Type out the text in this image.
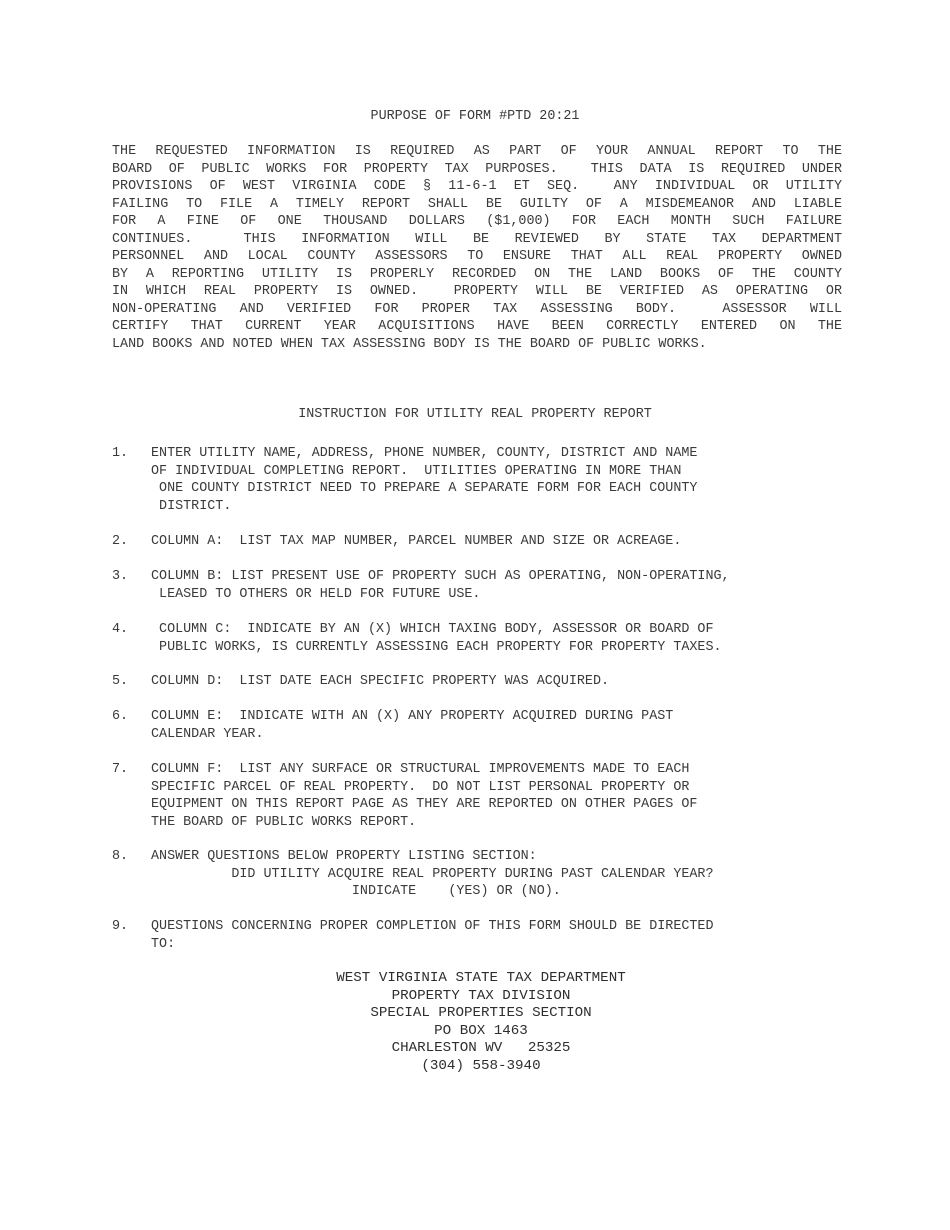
PURPOSE OF FORM #PTD 20:21
THE REQUESTED INFORMATION IS REQUIRED AS PART OF YOUR ANNUAL REPORT TO THE
BOARD OF PUBLIC WORKS FOR PROPERTY TAX PURPOSES.  THIS DATA IS REQUIRED UNDER
PROVISIONS OF WEST VIRGINIA CODE § 11-6-1 ET SEQ.  ANY INDIVIDUAL OR UTILITY
FAILING TO FILE A TIMELY REPORT SHALL BE GUILTY OF A MISDEMEANOR AND LIABLE
FOR A FINE OF ONE THOUSAND DOLLARS ($1,000) FOR EACH MONTH SUCH FAILURE
CONTINUES.  THIS INFORMATION WILL BE REVIEWED BY STATE TAX DEPARTMENT
PERSONNEL AND LOCAL COUNTY ASSESSORS TO ENSURE THAT ALL REAL PROPERTY OWNED
BY A REPORTING UTILITY IS PROPERLY RECORDED ON THE LAND BOOKS OF THE COUNTY
IN WHICH REAL PROPERTY IS OWNED.  PROPERTY WILL BE VERIFIED AS OPERATING OR
NON-OPERATING AND VERIFIED FOR PROPER TAX ASSESSING BODY.  ASSESSOR WILL
CERTIFY THAT CURRENT YEAR ACQUISITIONS HAVE BEEN CORRECTLY ENTERED ON THE
LAND BOOKS AND NOTED WHEN TAX ASSESSING BODY IS THE BOARD OF PUBLIC WORKS.
INSTRUCTION FOR UTILITY REAL PROPERTY REPORT
1.	ENTER UTILITY NAME, ADDRESS, PHONE NUMBER, COUNTY, DISTRICT AND NAME
OF INDIVIDUAL COMPLETING REPORT.  UTILITIES OPERATING IN MORE THAN
ONE COUNTY DISTRICT NEED TO PREPARE A SEPARATE FORM FOR EACH COUNTY
DISTRICT.
2.	COLUMN A:  LIST TAX MAP NUMBER, PARCEL NUMBER AND SIZE OR ACREAGE.
3.	COLUMN B: LIST PRESENT USE OF PROPERTY SUCH AS OPERATING, NON-OPERATING,
LEASED TO OTHERS OR HELD FOR FUTURE USE.
4.	COLUMN C:  INDICATE BY AN (X) WHICH TAXING BODY, ASSESSOR OR BOARD OF
PUBLIC WORKS, IS CURRENTLY ASSESSING EACH PROPERTY FOR PROPERTY TAXES.
5.	COLUMN D:  LIST DATE EACH SPECIFIC PROPERTY WAS ACQUIRED.
6.	COLUMN E:  INDICATE WITH AN (X) ANY PROPERTY ACQUIRED DURING PAST
CALENDAR YEAR.
7.	COLUMN F:  LIST ANY SURFACE OR STRUCTURAL IMPROVEMENTS MADE TO EACH
SPECIFIC PARCEL OF REAL PROPERTY.  DO NOT LIST PERSONAL PROPERTY OR
EQUIPMENT ON THIS REPORT PAGE AS THEY ARE REPORTED ON OTHER PAGES OF
THE BOARD OF PUBLIC WORKS REPORT.
8.	ANSWER QUESTIONS BELOW PROPERTY LISTING SECTION:
DID UTILITY ACQUIRE REAL PROPERTY DURING PAST CALENDAR YEAR?
INDICATE    (YES) OR (NO).
9.	QUESTIONS CONCERNING PROPER COMPLETION OF THIS FORM SHOULD BE DIRECTED
TO:
WEST VIRGINIA STATE TAX DEPARTMENT
PROPERTY TAX DIVISION
SPECIAL PROPERTIES SECTION
PO BOX 1463
CHARLESTON WV   25325
(304) 558-3940
